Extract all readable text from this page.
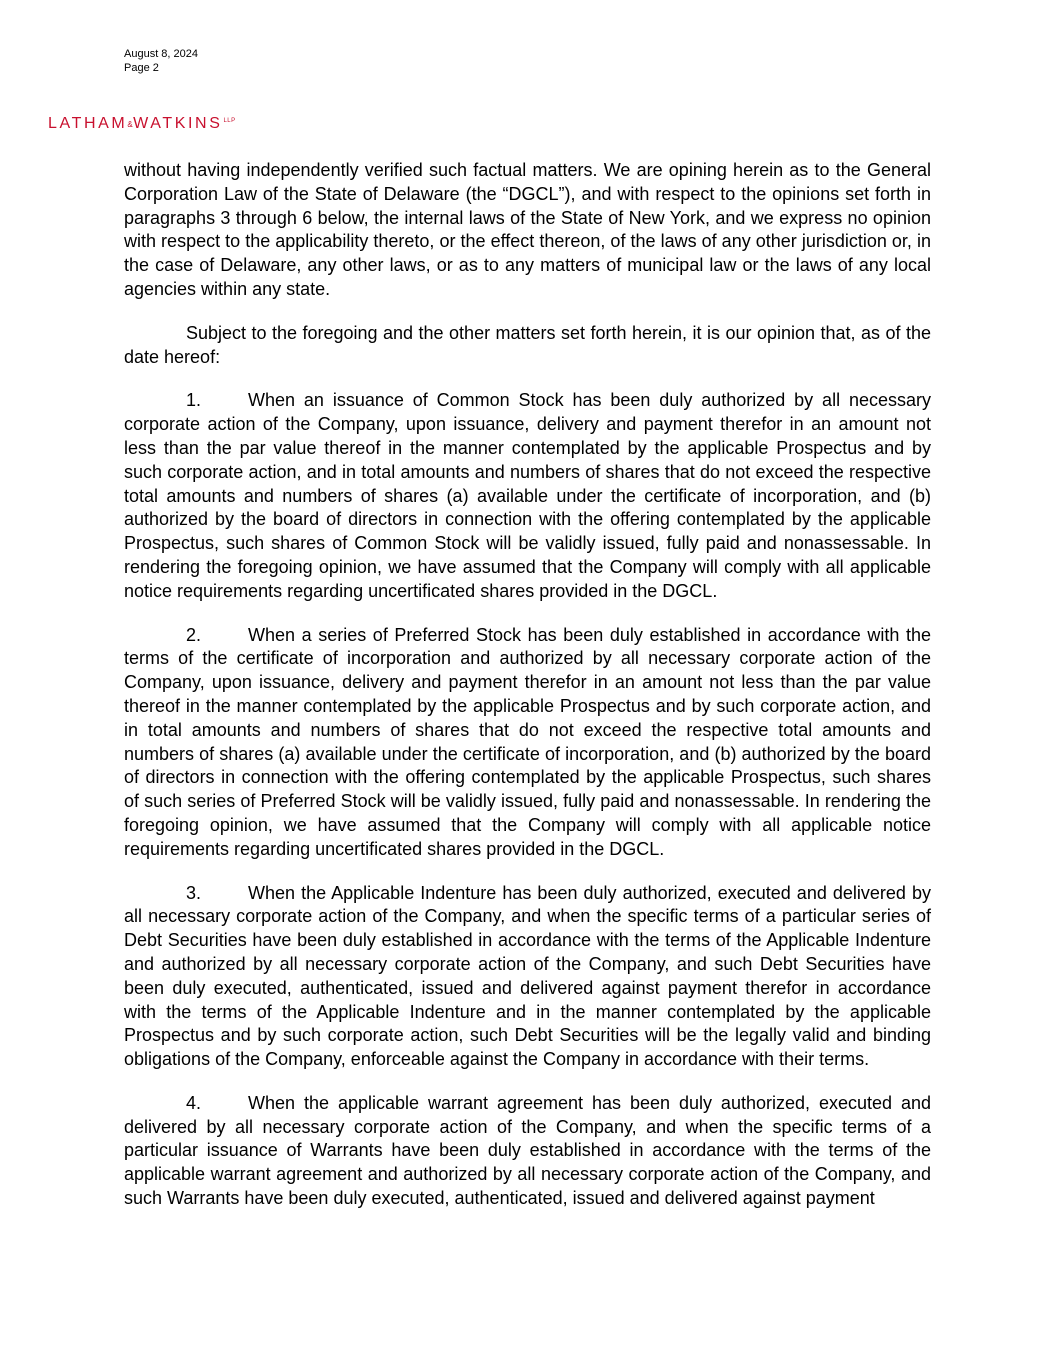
August 8, 2024
Page 2
$LATHAM\&WATKINS^{LLP}$

without having independently verified such factual matters. We are opining herein as to the General Corporation Law of the State of Delaware (the “DGCL”), and with respect to the opinions set forth in paragraphs 3 through 6 below, the internal laws of the State of New York, and we express no opinion with respect to the applicability thereto, or the effect thereon, of the laws of any other jurisdiction or, in the case of Delaware, any other laws, or as to any matters of municipal law or the laws of any local agencies within any state.

Subject to the foregoing and the other matters set forth herein, it is our opinion that, as of the date hereof:

1.	When an issuance of Common Stock has been duly authorized by all necessary corporate action of the Company, upon issuance, delivery and payment therefor in an amount not less than the par value thereof in the manner contemplated by the applicable Prospectus and by such corporate action, and in total amounts and numbers of shares that do not exceed the respective total amounts and numbers of shares (a) available under the certificate of incorporation, and (b) authorized by the board of directors in connection with the offering contemplated by the applicable Prospectus, such shares of Common Stock will be validly issued, fully paid and nonassessable. In rendering the foregoing opinion, we have assumed that the Company will comply with all applicable notice requirements regarding uncertificated shares provided in the DGCL.

2.	When a series of Preferred Stock has been duly established in accordance with the terms of the certificate of incorporation and authorized by all necessary corporate action of the Company, upon issuance, delivery and payment therefor in an amount not less than the par value thereof in the manner contemplated by the applicable Prospectus and by such corporate action, and in total amounts and numbers of shares that do not exceed the respective total amounts and numbers of shares (a) available under the certificate of incorporation, and (b) authorized by the board of directors in connection with the offering contemplated by the applicable Prospectus, such shares of such series of Preferred Stock will be validly issued, fully paid and nonassessable. In rendering the foregoing opinion, we have assumed that the Company will comply with all applicable notice requirements regarding uncertificated shares provided in the DGCL.

3.	When the Applicable Indenture has been duly authorized, executed and delivered by all necessary corporate action of the Company, and when the specific terms of a particular series of Debt Securities have been duly established in accordance with the terms of the Applicable Indenture and authorized by all necessary corporate action of the Company, and such Debt Securities have been duly executed, authenticated, issued and delivered against payment therefor in accordance with the terms of the Applicable Indenture and in the manner contemplated by the applicable Prospectus and by such corporate action, such Debt Securities will be the legally valid and binding obligations of the Company, enforceable against the Company in accordance with their terms.

4.	When the applicable warrant agreement has been duly authorized, executed and delivered by all necessary corporate action of the Company, and when the specific terms of a particular issuance of Warrants have been duly established in accordance with the terms of the applicable warrant agreement and authorized by all necessary corporate action of the Company, and such Warrants have been duly executed, authenticated, issued and delivered against payment
